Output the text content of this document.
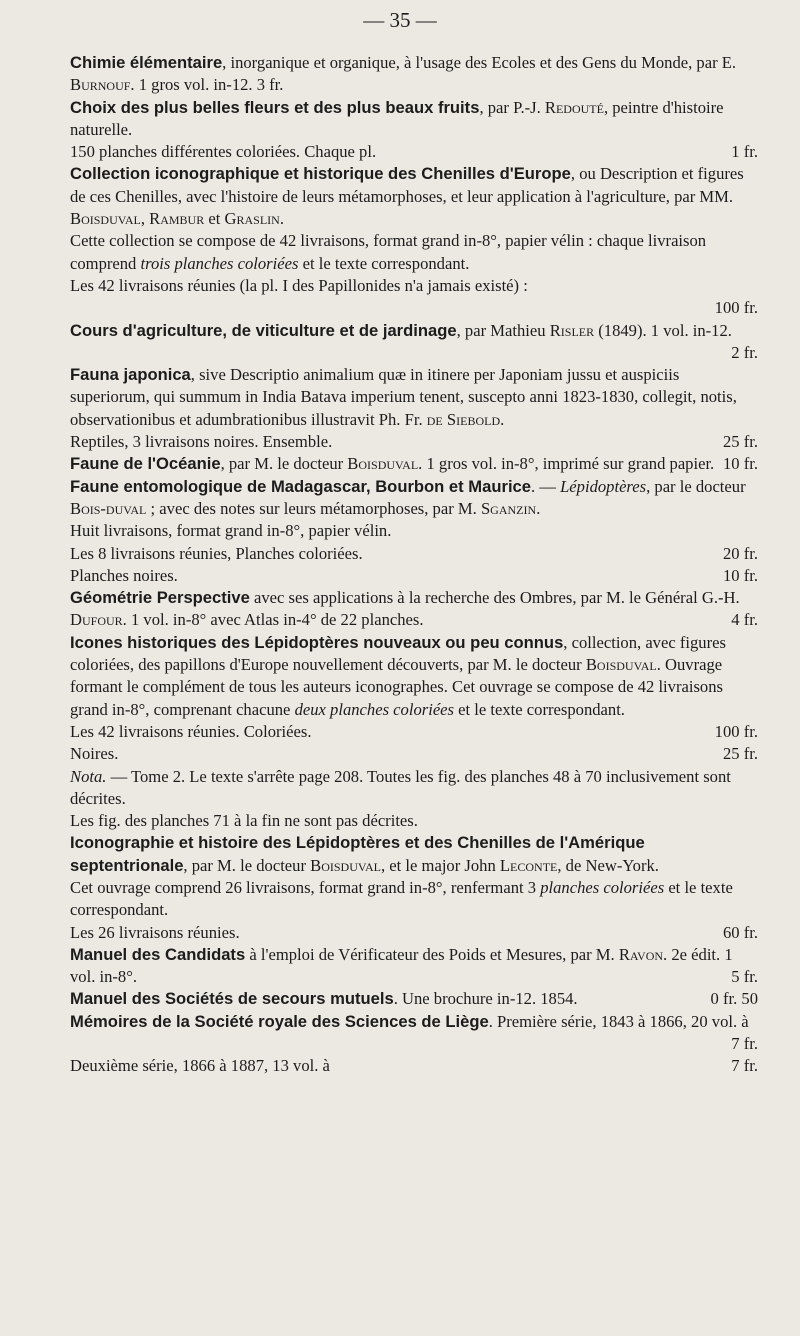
— 35 —
Chimie élémentaire, inorganique et organique, à l'usage des Ecoles et des Gens du Monde, par E. Burnouf. 1 gros vol. in-12. 3 fr.
Choix des plus belles fleurs et des plus beaux fruits, par P.-J. Redouté, peintre d'histoire naturelle.
150 planches différentes coloriées. Chaque pl.	1 fr.
Collection iconographique et historique des Chenilles d'Europe, ou Description et figures de ces Chenilles, avec l'histoire de leurs métamorphoses, et leur application à l'agriculture, par MM. Boisduval, Rambur et Graslin.
Cette collection se compose de 42 livraisons, format grand in-8°, papier vélin : chaque livraison comprend trois planches coloriées et le texte correspondant.
Les 42 livraisons réunies (la pl. I des Papillonides n'a jamais existé) :
100 fr.
Cours d'agriculture, de viticulture et de jardinage, par Mathieu Risler (1849). 1 vol. in-12.
2 fr.
Fauna japonica, sive Descriptio animalium quæ in itinere per Japoniam jussu et auspiciis superiorum, qui summum in India Batava imperium tenent, suscepto anni 1823-1830, collegit, notis, observationibus et adumbrationibus illustravit Ph. Fr. de Siebold.
Reptiles, 3 livraisons noires. Ensemble.	25 fr.
Faune de l'Océanie, par M. le docteur Boisduval. 1 gros vol. in-8°, imprimé sur grand papier. 10 fr.
Faune entomologique de Madagascar, Bourbon et Maurice. — Lépidoptères, par le docteur Bois-duval ; avec des notes sur leurs métamorphoses, par M. Sganzin.
Huit livraisons, format grand in-8°, papier vélin.
Les 8 livraisons réunies, Planches coloriées.	20 fr.
Planches noires.	10 fr.
Géométrie Perspective avec ses applications à la recherche des Ombres, par M. le Général G.-H. Dufour. 1 vol. in-8° avec Atlas in-4° de 22 planches.	4 fr.
Icones historiques des Lépidoptères nouveaux ou peu connus, collection, avec figures coloriées, des papillons d'Europe nouvellement découverts, par M. le docteur Boisduval. Ouvrage formant le complément de tous les auteurs iconographes. Cet ouvrage se compose de 42 livraisons grand in-8°, comprenant chacune deux planches coloriées et le texte correspondant.
Les 42 livraisons réunies. Coloriées.	100 fr.
Noires.	25 fr.
Nota. — Tome 2. Le texte s'arrête page 208. Toutes les fig. des planches 48 à 70 inclusivement sont décrites.
Les fig. des planches 71 à la fin ne sont pas décrites.
Iconographie et histoire des Lépidoptères et des Chenilles de l'Amérique septentrionale, par M. le docteur Boisduval, et le major John Leconte, de New-York.
Cet ouvrage comprend 26 livraisons, format grand in-8°, renfermant 3 planches coloriées et le texte correspondant.
Les 26 livraisons réunies.	60 fr.
Manuel des Candidats à l'emploi de Vérificateur des Poids et Mesures, par M. Ravon. 2e édit. 1 vol. in-8°.	5 fr.
Manuel des Sociétés de secours mutuels. Une brochure in-12. 1854.	0 fr. 50
Mémoires de la Société royale des Sciences de Liège. Première série, 1843 à 1866, 20 vol. à
7 fr.
Deuxième série, 1866 à 1887, 13 vol. à	7 fr.
